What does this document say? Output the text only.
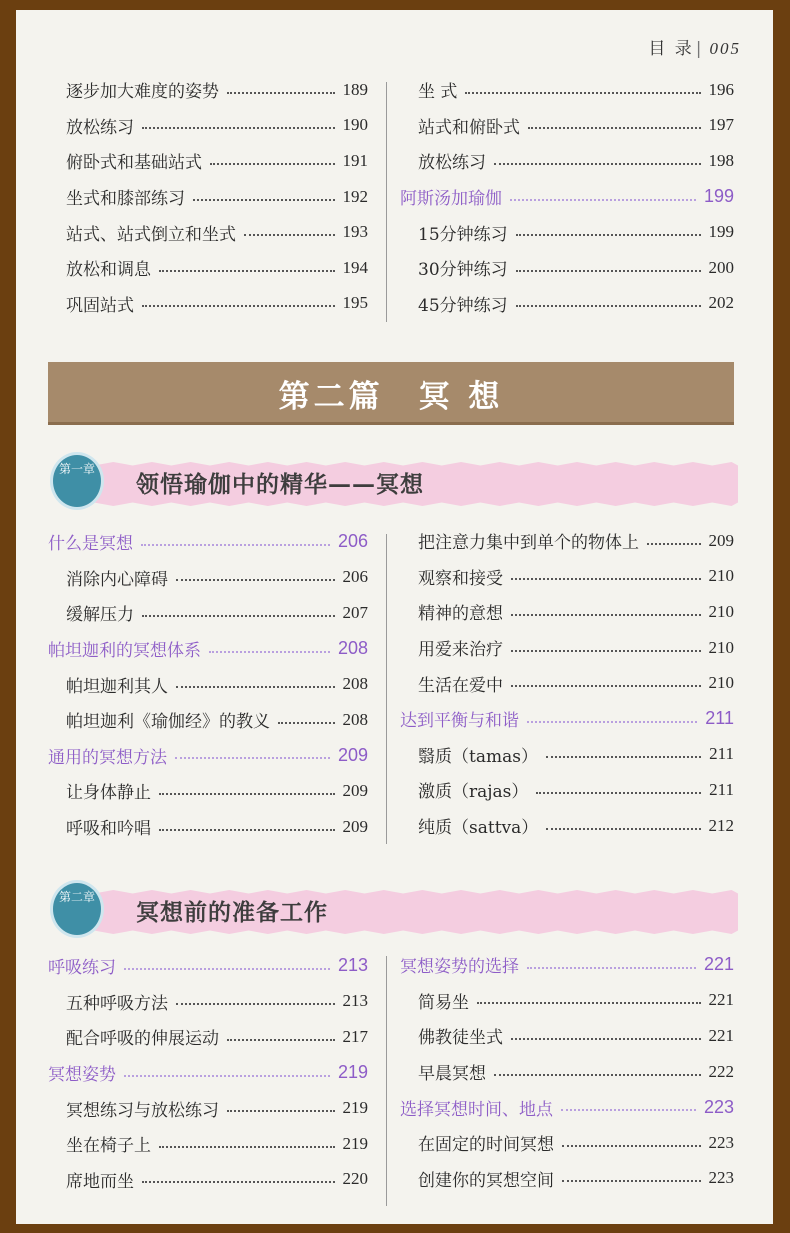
目 录 | 005
逐步加大难度的姿势	189
放松练习	190
俯卧式和基础站式	191
坐式和膝部练习	192
站式、站式倒立和坐式	193
放松和调息	194
巩固站式	195
坐 式	196
站式和俯卧式	197
放松练习	198
阿斯汤加瑜伽	199
15分钟练习	199
30分钟练习	200
45分钟练习	202
第二篇　冥 想
第一章
领悟瑜伽中的精华——冥想
什么是冥想	206
消除内心障碍	206
缓解压力	207
帕坦迦利的冥想体系	208
帕坦迦利其人	208
帕坦迦利《瑜伽经》的教义	208
通用的冥想方法	209
让身体静止	209
呼吸和吟唱	209
把注意力集中到单个的物体上	209
观察和接受	210
精神的意想	210
用爱来治疗	210
生活在爱中	210
达到平衡与和谐	211
翳质（tamas）	211
激质（rajas）	211
纯质（sattva）	212
第二章
冥想前的准备工作
呼吸练习	213
五种呼吸方法	213
配合呼吸的伸展运动	217
冥想姿势	219
冥想练习与放松练习	219
坐在椅子上	219
席地而坐	220
冥想姿势的选择	221
简易坐	221
佛教徒坐式	221
早晨冥想	222
选择冥想时间、地点	223
在固定的时间冥想	223
创建你的冥想空间	223
